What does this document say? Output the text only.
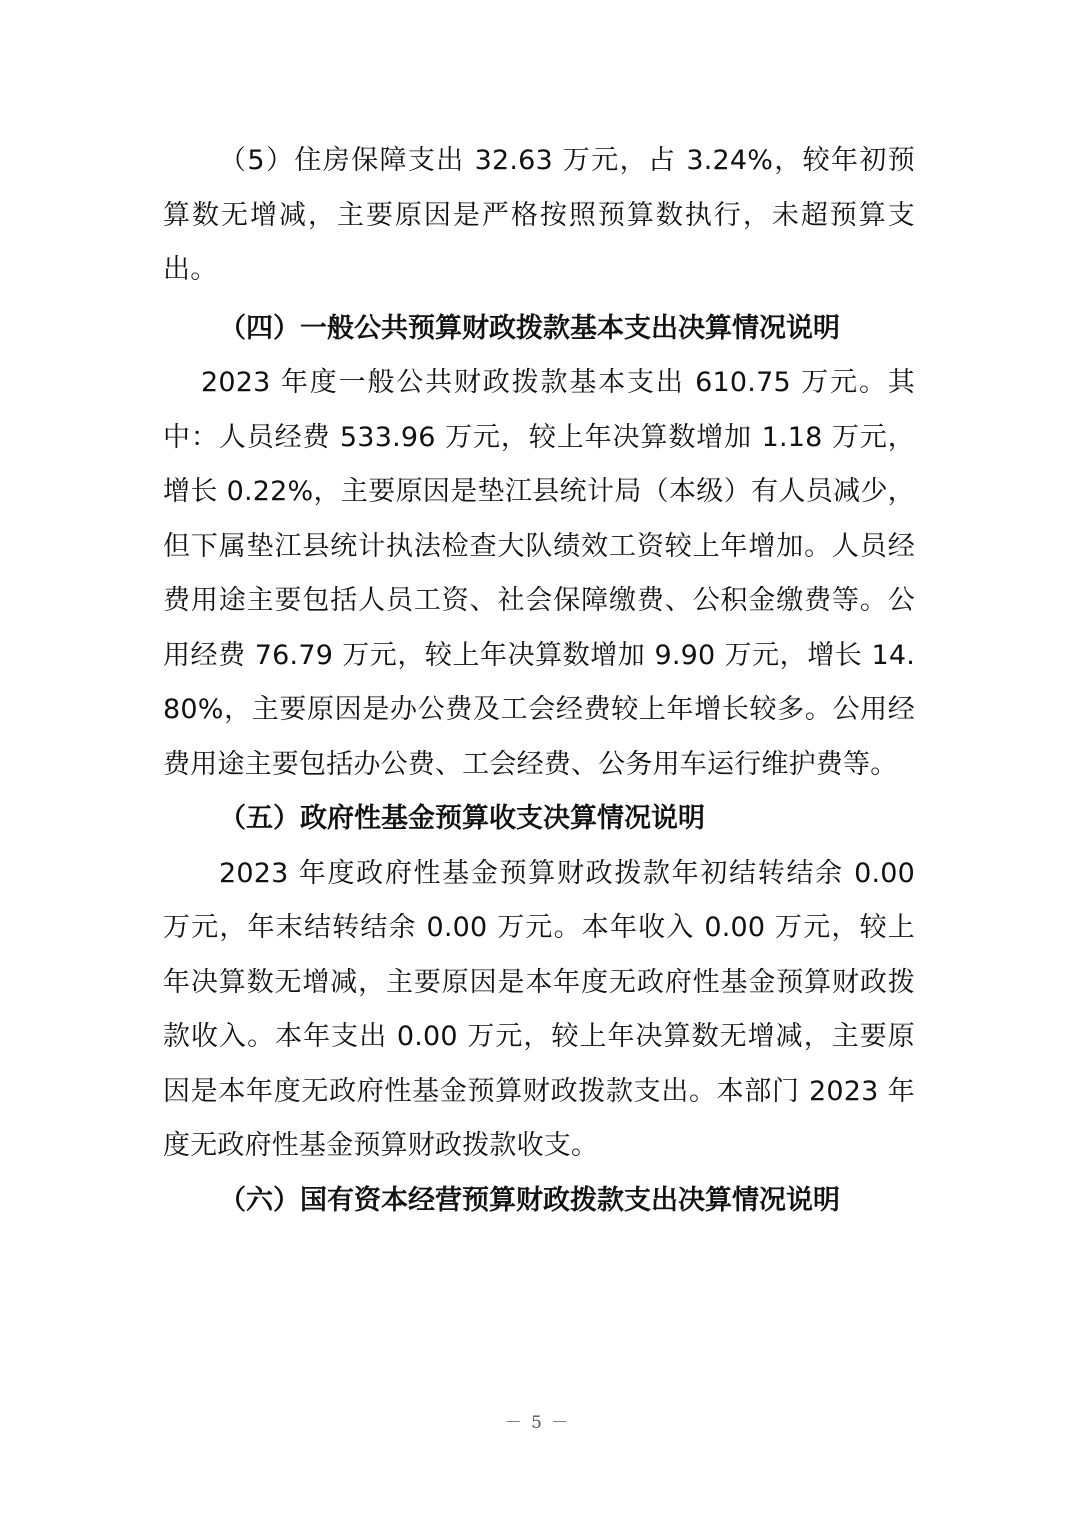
（5）住房保障支出 32.63 万元，占 3.24%，较年初预算数无增减，主要原因是严格按照预算数执行，未超预算支出。

（四）一般公共预算财政拨款基本支出决算情况说明

2023 年度一般公共财政拨款基本支出 610.75 万元。其中：人员经费 533.96 万元，较上年决算数增加 1.18 万元，增长 0.22%，主要原因是垫江县统计局（本级）有人员减少，但下属垫江县统计执法检查大队绩效工资较上年增加。人员经费用途主要包括人员工资、社会保障缴费、公积金缴费等。公用经费 76.79 万元，较上年决算数增加 9.90 万元，增长 14.80%，主要原因是办公费及工会经费较上年增长较多。公用经费用途主要包括办公费、工会经费、公务用车运行维护费等。

（五）政府性基金预算收支决算情况说明

2023 年度政府性基金预算财政拨款年初结转结余 0.00 万元，年末结转结余 0.00 万元。本年收入 0.00 万元，较上年决算数无增减，主要原因是本年度无政府性基金预算财政拨款收入。本年支出 0.00 万元，较上年决算数无增减，主要原因是本年度无政府性基金预算财政拨款支出。本部门 2023 年度无政府性基金预算财政拨款收支。

（六）国有资本经营预算财政拨款支出决算情况说明

－ 5 －
